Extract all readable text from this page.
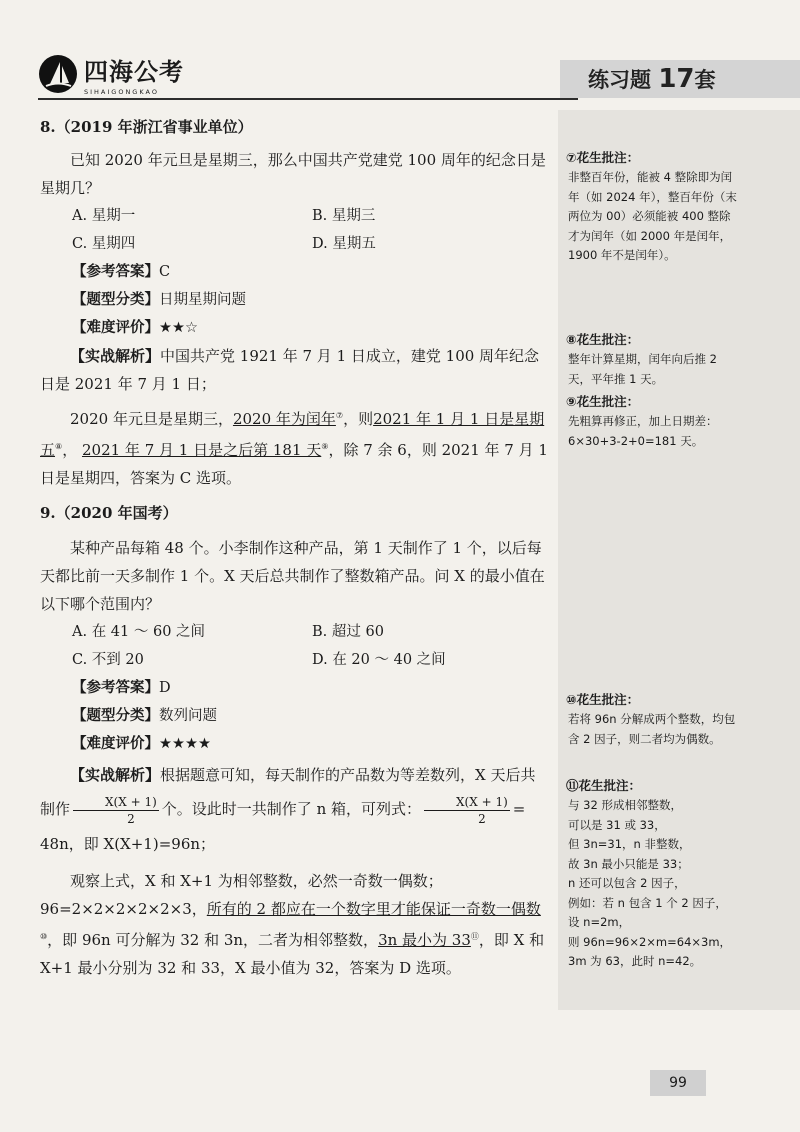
四海公考
SIHAIGONGKAO	练习题 17套
8.（2019 年浙江省事业单位）
已知 2020 年元旦是星期三，那么中国共产党建党 100 周年的纪念日是星期几？
A. 星期一	B. 星期三
C. 星期四	D. 星期五
【参考答案】C
【题型分类】日期星期问题
【难度评价】★★☆
【实战解析】中国共产党 1921 年 7 月 1 日成立，建党 100 周年纪念日是 2021 年 7 月 1 日；
2020 年元旦是星期三，2020 年为闰年⑦，则2021 年 1 月 1 日是星期五⑧， 2021 年 7 月 1 日是之后第 181 天⑨，除 7 余 6，则 2021 年 7 月 1 日是星期四，答案为 C 选项。
9.（2020 年国考）
某种产品每箱 48 个。小李制作这种产品，第 1 天制作了 1 个，以后每天都比前一天多制作 1 个。X 天后总共制作了整数箱产品。问 X 的最小值在以下哪个范围内？
A. 在 41 ～ 60 之间	B. 超过 60
C. 不到 20	D. 在 20 ～ 40 之间
【参考答案】D
【题型分类】数列问题
【难度评价】★★★★
【实战解析】根据题意可知，每天制作的产品数为等差数列，X 天后共制作 $\frac{X(X + 1)}{2}$ 个。设此时一共制作了 n 箱，可列式： $\frac{X(X + 1)}{2} = 48n$，即 X(X+1)=96n；
观察上式，X 和 X+1 为相邻整数，必然一奇数一偶数；96=2×2×2×2×2×3，所有的 2 都应在一个数字里才能保证一奇数一偶数⑩，即 96n 可分解为 32 和 3n，二者为相邻整数，3n 最小为 33⑪，即 X 和 X+1 最小分别为 32 和 33，X 最小值为 32，答案为 D 选项。
⑦花生批注：
非整百年份，能被 4 整除即为闰年（如 2024 年），整百年份（末两位为 00）必须能被 400 整除才为闰年（如 2000 年是闰年，1900 年不是闰年）。
⑧花生批注：
整年计算星期，闰年向后推 2 天，平年推 1 天。
⑨花生批注：
先粗算再修正，加上日期差：6×30+3-2+0=181 天。
⑩花生批注：
若将 96n 分解成两个整数，均包含 2 因子，则二者均为偶数。
⑪花生批注：
与 32 形成相邻整数，
可以是 31 或 33，
但 3n=31，n 非整数，
故 3n 最小只能是 33；
n 还可以包含 2 因子，
例如：若 n 包含 1 个 2 因子，
设 n=2m，
则 96n=96×2×m=64×3m，
3m 为 63，此时 n=42。
99
